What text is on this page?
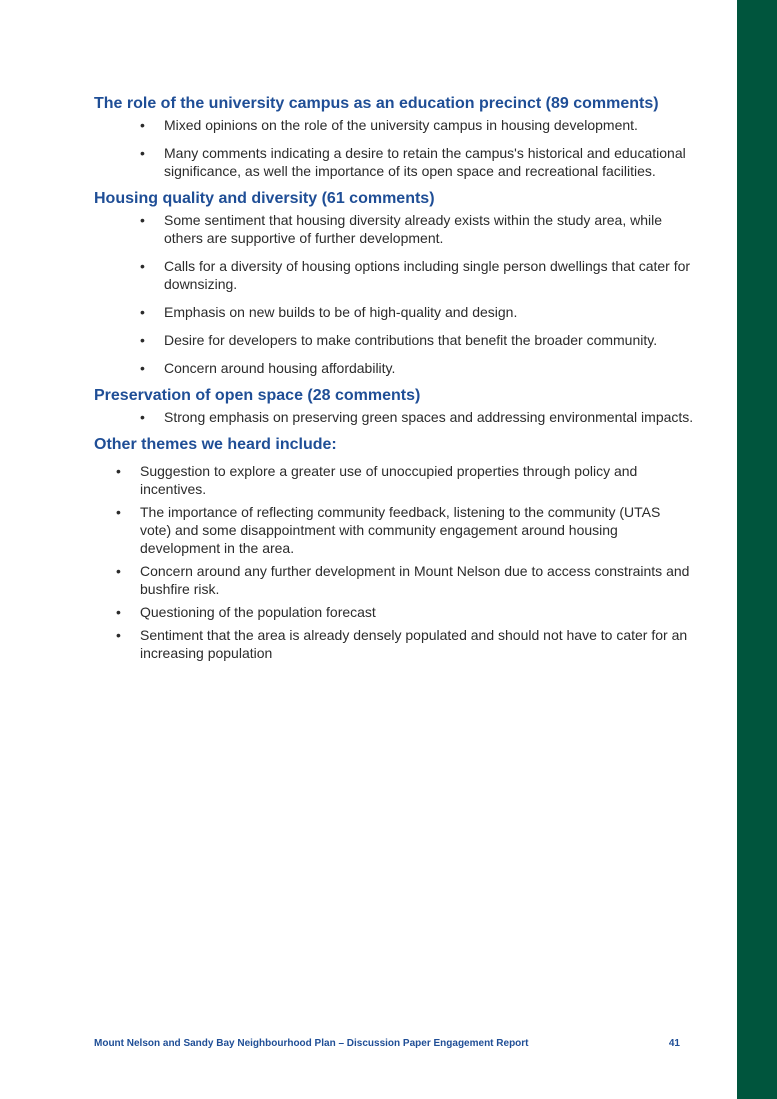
The role of the university campus as an education precinct (89 comments)
• Mixed opinions on the role of the university campus in housing development.
• Many comments indicating a desire to retain the campus's historical and educational significance, as well the importance of its open space and recreational facilities.
Housing quality and diversity (61 comments)
• Some sentiment that housing diversity already exists within the study area, while others are supportive of further development.
• Calls for a diversity of housing options including single person dwellings that cater for downsizing.
• Emphasis on new builds to be of high-quality and design.
• Desire for developers to make contributions that benefit the broader community.
• Concern around housing affordability.
Preservation of open space (28 comments)
• Strong emphasis on preserving green spaces and addressing environmental impacts.
Other themes we heard include:
• Suggestion to explore a greater use of unoccupied properties through policy and incentives.
• The importance of reflecting community feedback, listening to the community (UTAS vote) and some disappointment with community engagement around housing development in the area.
• Concern around any further development in Mount Nelson due to access constraints and bushfire risk.
• Questioning of the population forecast
• Sentiment that the area is already densely populated and should not have to cater for an increasing population
Mount Nelson and Sandy Bay Neighbourhood Plan – Discussion Paper Engagement Report	41
